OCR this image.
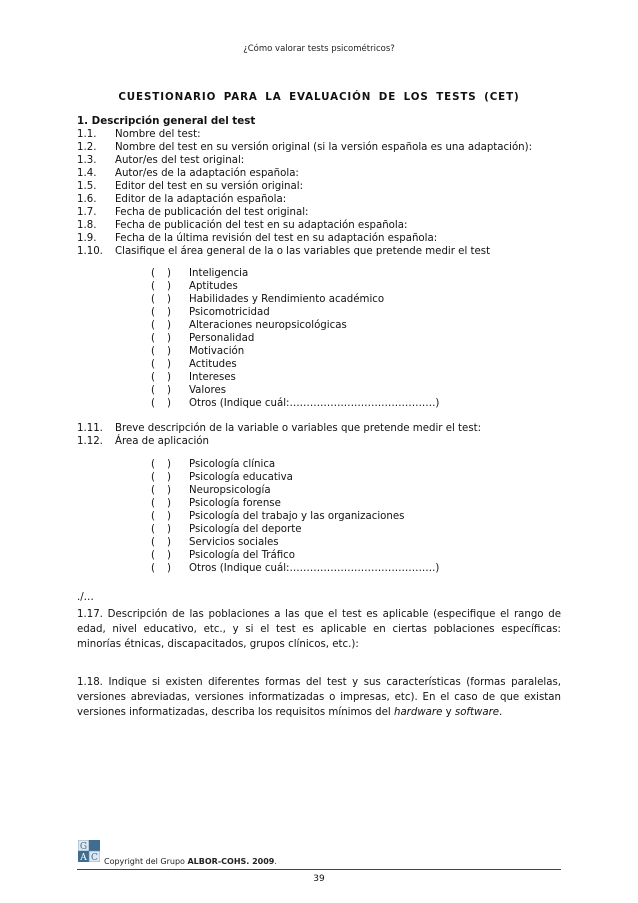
¿Cómo valorar tests psicométricos?
CUESTIONARIO PARA LA EVALUACIÓN DE LOS TESTS (CET)
1. Descripción general del test
1.1. Nombre del test:
1.2. Nombre del test en su versión original (si la versión española es una adaptación):
1.3. Autor/es del test original:
1.4. Autor/es de la adaptación española:
1.5. Editor del test en su versión original:
1.6. Editor de la adaptación española:
1.7. Fecha de publicación del test original:
1.8. Fecha de publicación del test en su adaptación española:
1.9. Fecha de la última revisión del test en su adaptación española:
1.10. Clasifique el área general de la o las variables que pretende medir el test
( ) Inteligencia
( ) Aptitudes
( ) Habilidades y Rendimiento académico
( ) Psicomotricidad
( ) Alteraciones neuropsicológicas
( ) Personalidad
( ) Motivación
( ) Actitudes
( ) Intereses
( ) Valores
( ) Otros (Indique cuál:…………………………………….)
1.11. Breve descripción de la variable o variables que pretende medir el test:
1.12. Área de aplicación
( ) Psicología clínica
( ) Psicología educativa
( ) Neuropsicología
( ) Psicología forense
( ) Psicología del trabajo y las organizaciones
( ) Psicología del deporte
( ) Servicios sociales
( ) Psicología del Tráfico
( ) Otros (Indique cuál:…………………………………….)
./…
1.17. Descripción de las poblaciones a las que el test es aplicable (especifique el rango de edad, nivel educativo, etc., y si el test es aplicable en ciertas poblaciones específicas: minorías étnicas, discapacitados, grupos clínicos, etc.):
1.18. Indique si existen diferentes formas del test y sus características (formas paralelas, versiones abreviadas, versiones informatizadas o impresas, etc). En el caso de que existan versiones informatizadas, describa los requisitos mínimos del hardware y software.
G
A C Copyright del Grupo ALBOR-COHS. 2009.
39
